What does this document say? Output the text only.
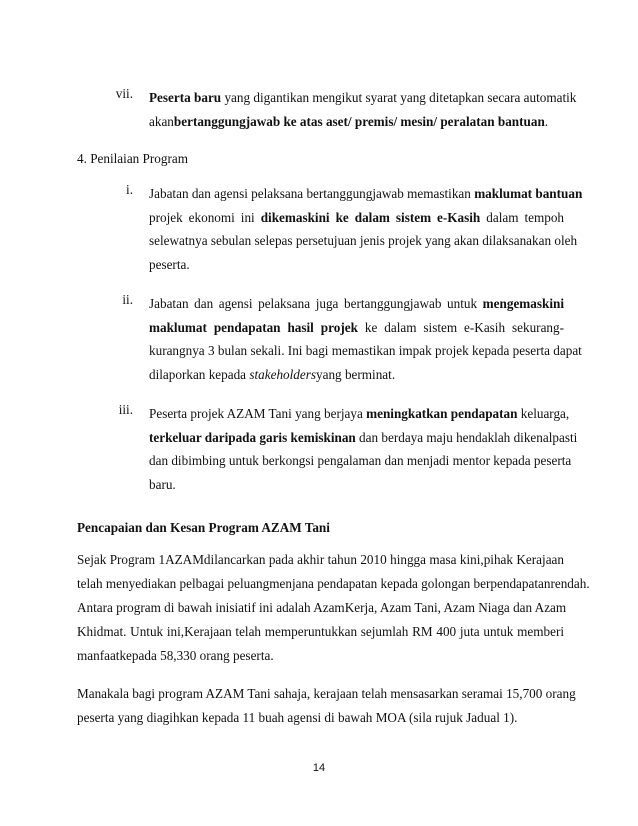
vii. Peserta baru yang digantikan mengikut syarat yang ditetapkan secara automatik
akanbertanggungjawab ke atas aset/ premis/ mesin/ peralatan bantuan.
4. Penilaian Program
i. Jabatan dan agensi pelaksana bertanggungjawab memastikan maklumat bantuan
projek ekonomi ini dikemaskini ke dalam sistem e-Kasih dalam tempoh
selewatnya sebulan selepas persetujuan jenis projek yang akan dilaksanakan oleh
peserta.
ii. Jabatan dan agensi pelaksana juga bertanggungjawab untuk mengemaskini
maklumat pendapatan hasil projek ke dalam sistem e-Kasih sekurang-
kurangnya 3 bulan sekali. Ini bagi memastikan impak projek kepada peserta dapat
dilaporkan kepada stakeholdersyang berminat.
iii. Peserta projek AZAM Tani yang berjaya meningkatkan pendapatan keluarga,
terkeluar daripada garis kemiskinan dan berdaya maju hendaklah dikenalpasti
dan dibimbing untuk berkongsi pengalaman dan menjadi mentor kepada peserta
baru.
Pencapaian dan Kesan Program AZAM Tani
Sejak Program 1AZAMdilancarkan pada akhir tahun 2010 hingga masa kini,pihak Kerajaan
telah menyediakan pelbagai peluangmenjana pendapatan kepada golongan berpendapatanrendah.
Antara program di bawah inisiatif ini adalah AzamKerja, Azam Tani, Azam Niaga dan Azam
Khidmat. Untuk ini,Kerajaan telah memperuntukkan sejumlah RM 400 juta untuk memberi
manfaatkepada 58,330 orang peserta.
Manakala bagi program AZAM Tani sahaja, kerajaan telah mensasarkan seramai 15,700 orang
peserta yang diagihkan kepada 11 buah agensi di bawah MOA (sila rujuk Jadual 1).
14
